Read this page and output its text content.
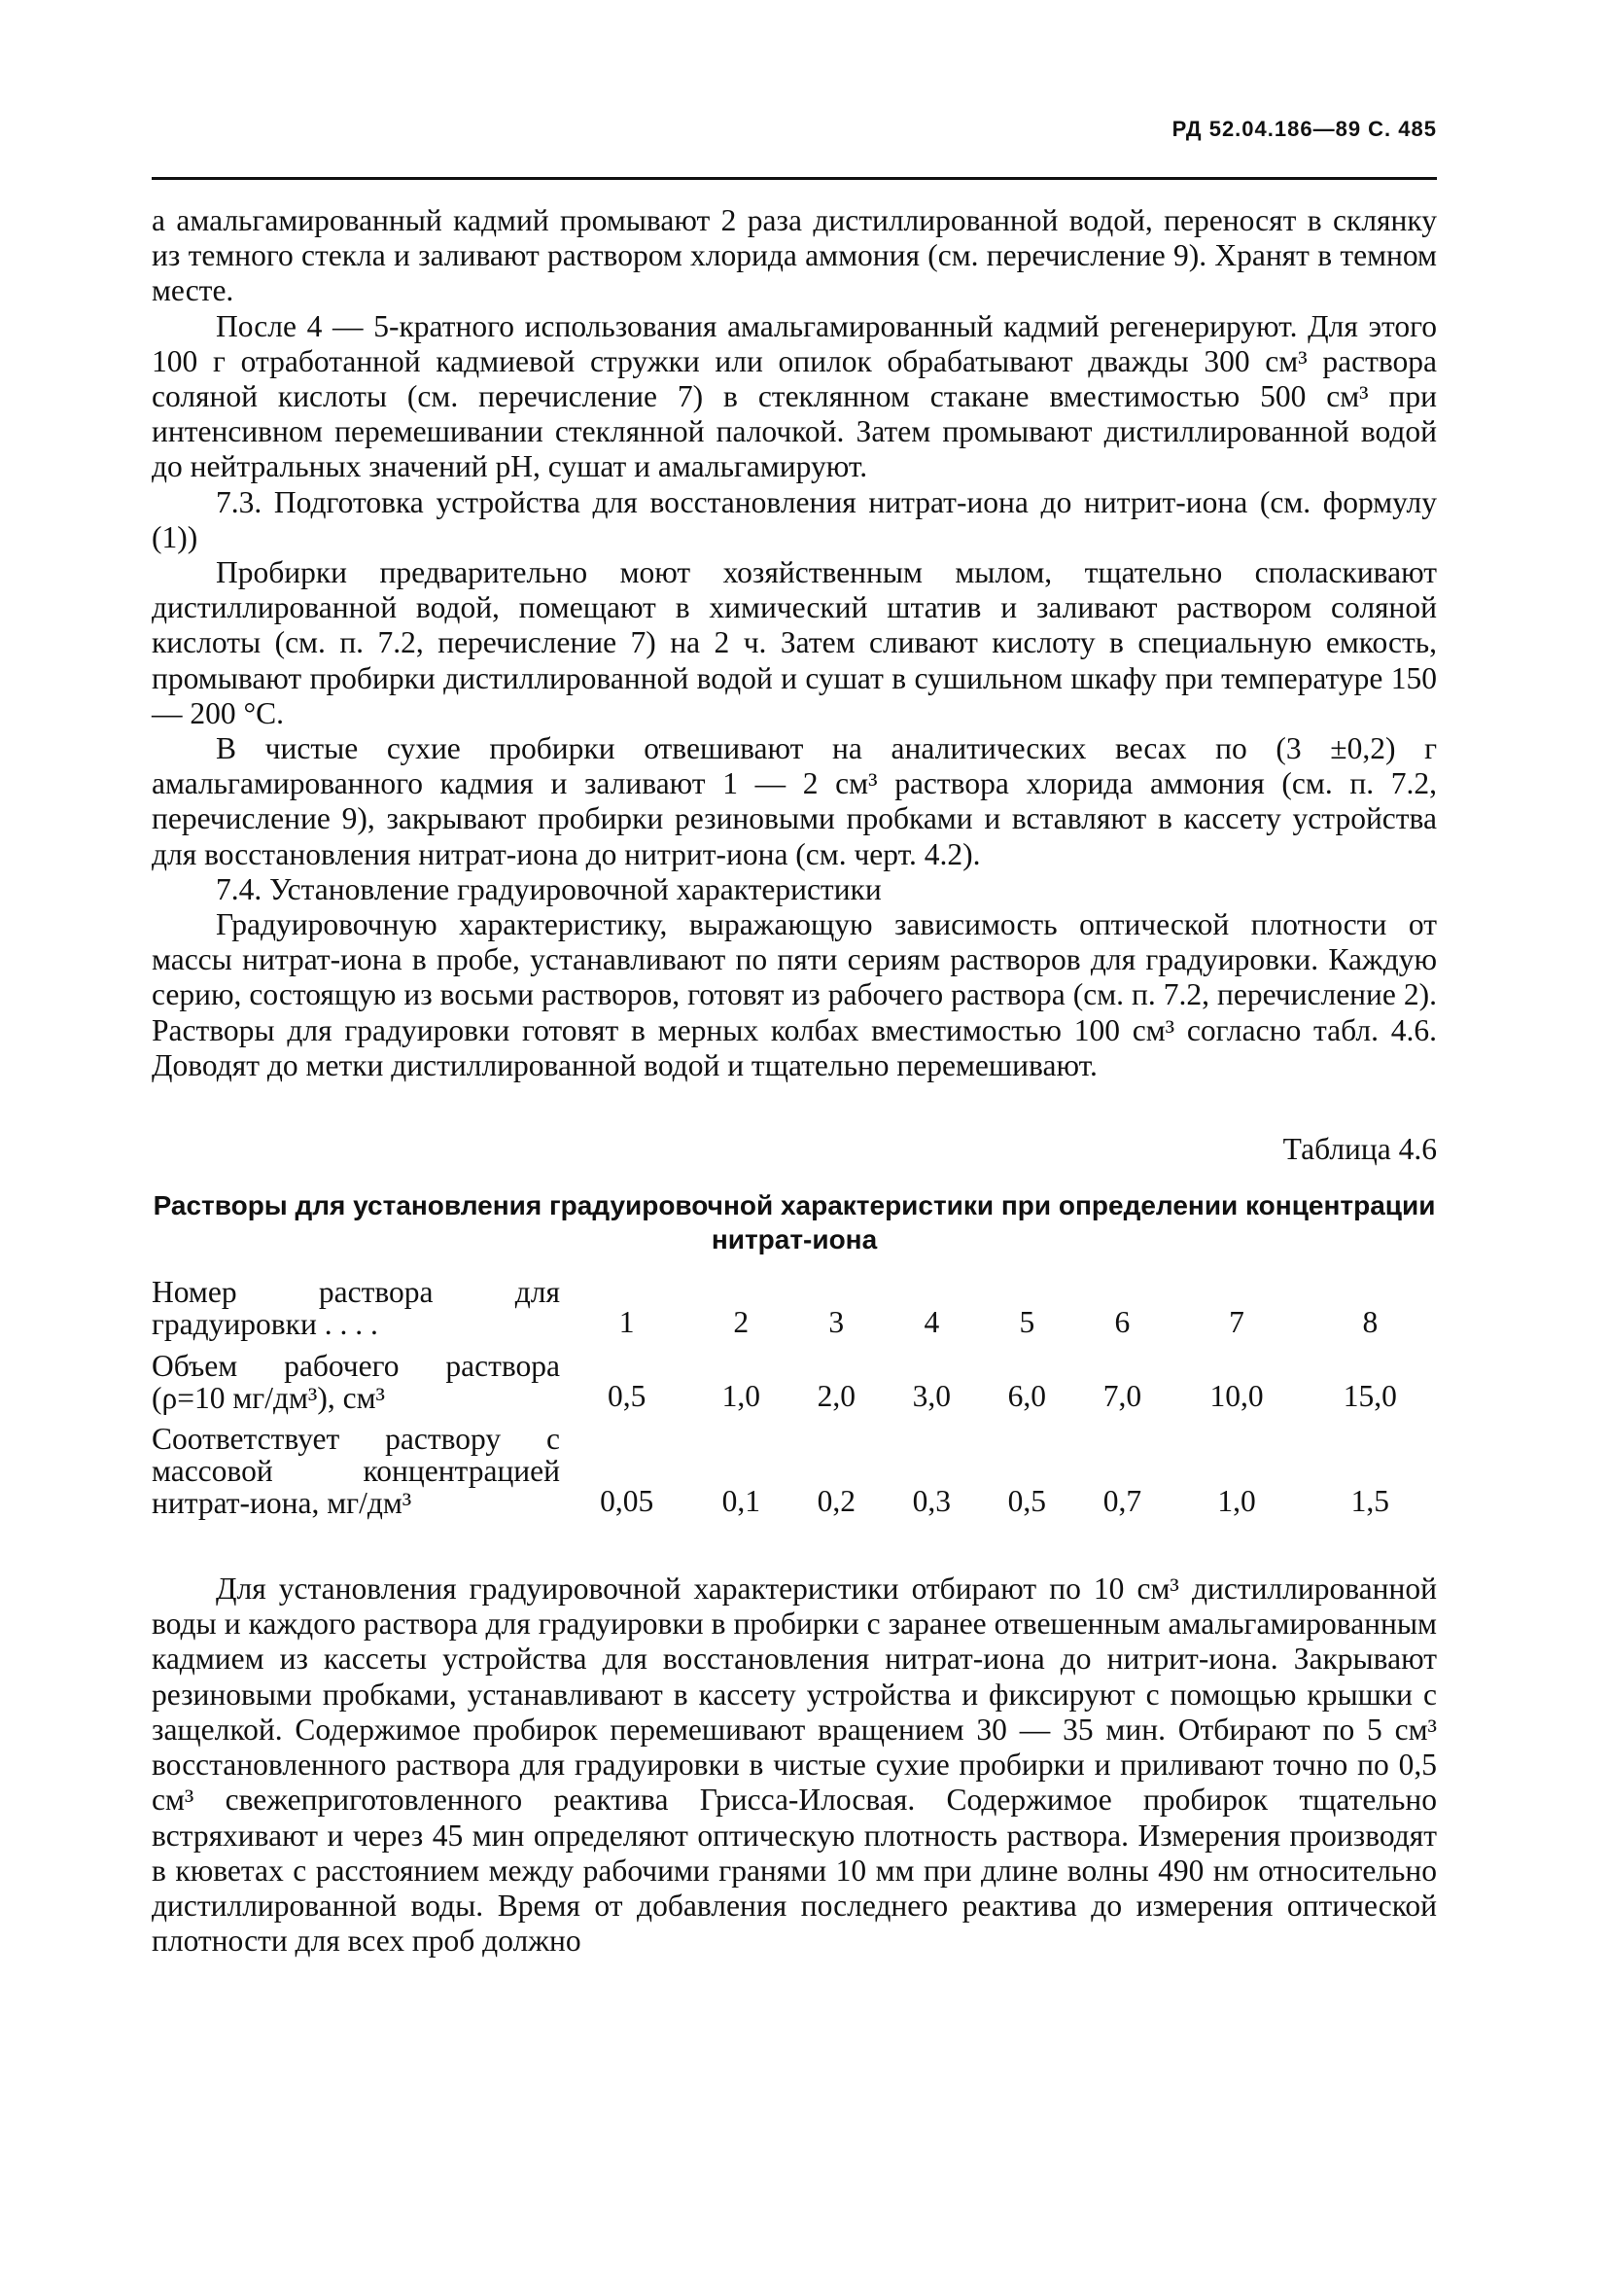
РД 52.04.186—89 С. 485

а амальгамированный кадмий промывают 2 раза дистиллированной водой, переносят в склянку из темного стекла и заливают раствором хлорида аммония (см. перечисление 9). Хранят в темном месте.

После 4 — 5-кратного использования амальгамированный кадмий регенерируют. Для этого 100 г отработанной кадмиевой стружки или опилок обрабатывают дважды 300 см³ раствора соляной кислоты (см. перечисление 7) в стеклянном стакане вместимостью 500 см³ при интенсивном перемешивании стеклянной палочкой. Затем промывают дистиллированной водой до нейтральных значений pH, сушат и амальгамируют.

7.3. Подготовка устройства для восстановления нитрат-иона до нитрит-иона (см. формулу (1))

Пробирки предварительно моют хозяйственным мылом, тщательно споласкивают дистиллированной водой, помещают в химический штатив и заливают раствором соляной кислоты (см. п. 7.2, перечисление 7) на 2 ч. Затем сливают кислоту в специальную емкость, промывают пробирки дистиллированной водой и сушат в сушильном шкафу при температуре 150 — 200 °С.

В чистые сухие пробирки отвешивают на аналитических весах по (3 ±0,2) г амальгамированного кадмия и заливают 1 — 2 см³ раствора хлорида аммония (см. п. 7.2, перечисление 9), закрывают пробирки резиновыми пробками и вставляют в кассету устройства для восстановления нитрат-иона до нитрит-иона (см. черт. 4.2).

7.4. Установление градуировочной характеристики

Градуировочную характеристику, выражающую зависимость оптической плотности от массы нитрат-иона в пробе, устанавливают по пяти сериям растворов для градуировки. Каждую серию, состоящую из восьми растворов, готовят из рабочего раствора (см. п. 7.2, перечисление 2). Растворы для градуировки готовят в мерных колбах вместимостью 100 см³ согласно табл. 4.6. Доводят до метки дистиллированной водой и тщательно перемешивают.

Таблица 4.6
Растворы для установления градуировочной характеристики при определении концентрации нитрат-иона
Номер раствора для градуировки . . . .	1	2	3	4	5	6	7	8
Объем рабочего раствора (ρ=10 мг/дм³), см³	0,5	1,0	2,0	3,0	6,0	7,0	10,0	15,0
Соответствует раствору с массовой концентрацией нитрат-иона, мг/дм³	0,05	0,1	0,2	0,3	0,5	0,7	1,0	1,5

Для установления градуировочной характеристики отбирают по 10 см³ дистиллированной воды и каждого раствора для градуировки в пробирки с заранее отвешенным амальгамированным кадмием из кассеты устройства для восстановления нитрат-иона до нитрит-иона. Закрывают резиновыми пробками, устанавливают в кассету устройства и фиксируют с помощью крышки с защелкой. Содержимое пробирок перемешивают вращением 30 — 35 мин. Отбирают по 5 см³ восстановленного раствора для градуировки в чистые сухие пробирки и приливают точно по 0,5 см³ свежеприготовленного реактива Грисса-Илосвая. Содержимое пробирок тщательно встряхивают и через 45 мин определяют оптическую плотность раствора. Измерения производят в кюветах с расстоянием между рабочими гранями 10 мм при длине волны 490 нм относительно дистиллированной воды. Время от добавления последнего реактива до измерения оптической плотности для всех проб должно
